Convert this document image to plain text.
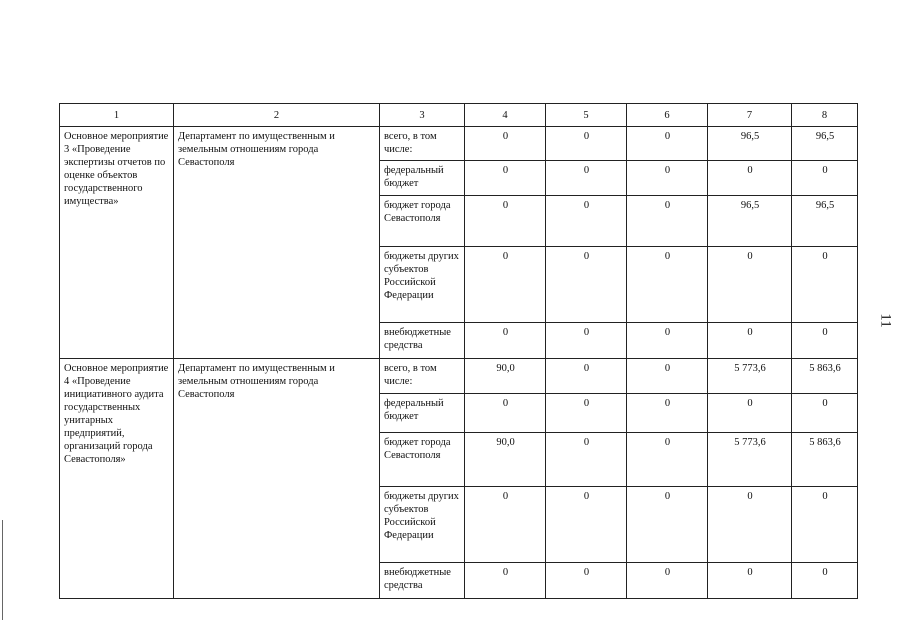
1	2	3	4	5	6	7	8
Основное мероприятие 3 «Проведение экспертизы отчетов по оценке объектов государственного имущества»	Департамент по имущественным и земельным отношениям города Севастополя	всего, в том числе:	0	0	0	96,5	96,5
		федеральный бюджет	0	0	0	0	0
		бюджет города Севастополя	0	0	0	96,5	96,5
		бюджеты других субъектов Российской Федерации	0	0	0	0	0
		внебюджетные средства	0	0	0	0	0
Основное мероприятие 4 «Проведение инициативного аудита государственных унитарных предприятий, организаций города Севастополя»	Департамент по имущественным и земельным отношениям города Севастополя	всего, в том числе:	90,0	0	0	5 773,6	5 863,6
		федеральный бюджет	0	0	0	0	0
		бюджет города Севастополя	90,0	0	0	5 773,6	5 863,6
		бюджеты других субъектов Российской Федерации	0	0	0	0	0
		внебюджетные средства	0	0	0	0	0
11
